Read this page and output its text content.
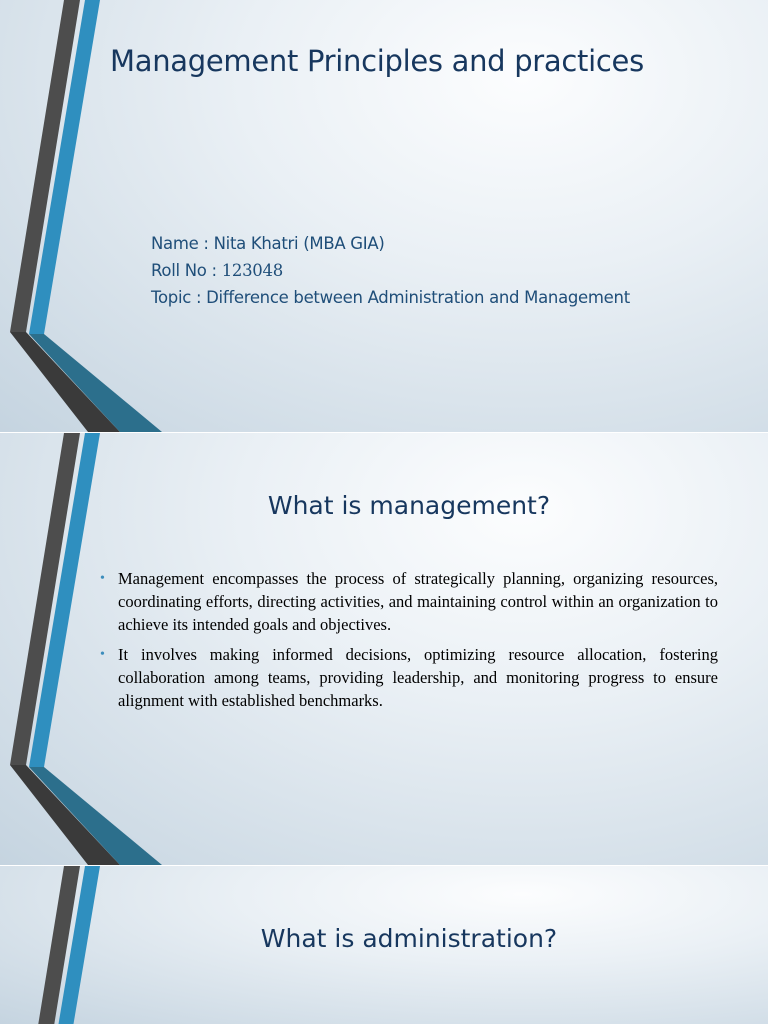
Management Principles and practices
Name : Nita Khatri (MBA GIA)
Roll No : 123048
Topic : Difference between Administration and Management
What is management?
• Management encompasses the process of strategically planning, organizing resources, coordinating efforts, directing activities, and maintaining control within an organization to achieve its intended goals and objectives.
• It involves making informed decisions, optimizing resource allocation, fostering collaboration among teams, providing leadership, and monitoring progress to ensure alignment with established benchmarks.
What is administration?
